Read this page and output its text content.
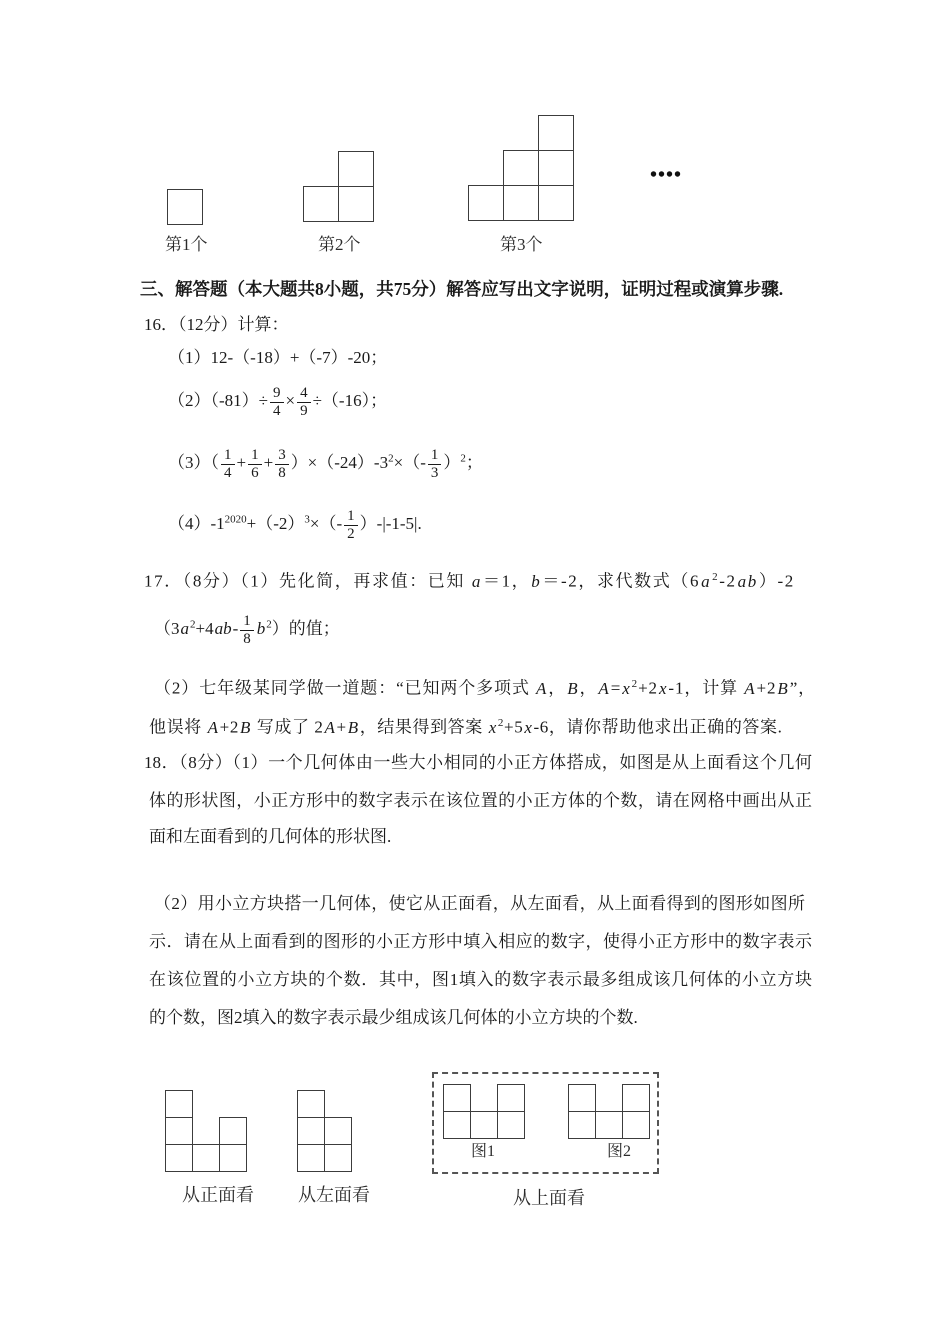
第1个	第2个	第3个
••••
三、解答题（本大题共8小题，共75分）解答应写出文字说明，证明过程或演算步骤.
16．（12分）计算：
（1）12-（-18）+（-7）-20；
$(2)(-81)\div \frac{9}{4} \times \frac{4}{9} \div(-16)$；
$(3)( \frac{1}{4} + \frac{1}{6} + \frac{3}{8} )\times(-24)-3^2\times(- \frac{1}{3} )^2$；
$(4)-1^{2020}+(-2)^3\times(- \frac{1}{2} )-|-1-5|$.
17．（8分）（1）先化简，再求值：已知 a＝1，b＝-2，求代数式$(6a^2-2ab)-2$
$(3a^2+4ab- \frac{1}{8} b^2)$的值；
（2）七年级某同学做一道题：“已知两个多项式 A，B，$A=x^2+2x-1$，计算 A+2B”，
他误将 A+2B 写成了 2A+B，结果得到答案 $x^2+5x-6$，请你帮助他求出正确的答案.
18．（8分）（1）一个几何体由一些大小相同的小正方体搭成，如图是从上面看这个几何
体的形状图，小正方形中的数字表示在该位置的小正方体的个数，请在网格中画出从正
面和左面看到的几何体的形状图.
（2）用小立方块搭一几何体，使它从正面看，从左面看，从上面看得到的图形如图所
示．请在从上面看到的图形的小正方形中填入相应的数字，使得小正方形中的数字表示
在该位置的小立方块的个数．其中，图1填入的数字表示最多组成该几何体的小立方块
的个数，图2填入的数字表示最少组成该几何体的小立方块的个数.
从正面看 从左面看
图1	图2
从上面看
